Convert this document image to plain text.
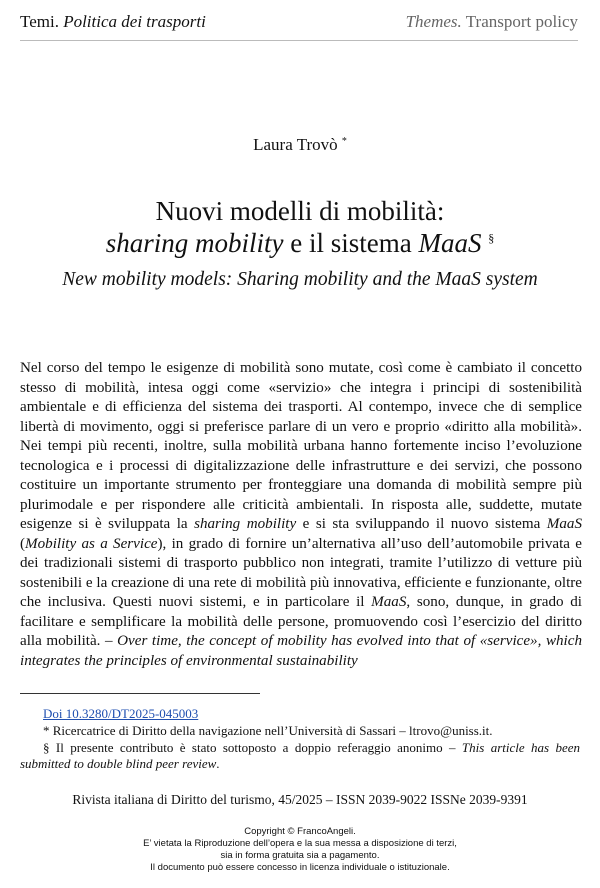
Temi. Politica dei trasporti	Themes. Transport policy
Laura Trovò *
Nuovi modelli di mobilità:
sharing mobility e il sistema MaaS §
New mobility models: Sharing mobility and the MaaS system
Nel corso del tempo le esigenze di mobilità sono mutate, così come è cambiato il concetto stesso di mobilità, intesa oggi come «servizio» che integra i principi di sostenibilità ambientale e di efficienza del sistema dei trasporti. Al contempo, invece che di semplice libertà di movimento, oggi si preferisce parlare di un vero e proprio «diritto alla mobilità». Nei tempi più recenti, inoltre, sulla mobilità urbana hanno fortemente inciso l’evoluzione tecnologica e i processi di digitalizzazione delle infrastrutture e dei servizi, che possono costituire un importante strumento per fronteggiare una domanda di mobilità sempre più plurimodale e per rispondere alle criticità ambientali. In risposta alle, suddette, mutate esigenze si è sviluppata la sharing mobility e si sta sviluppando il nuovo sistema MaaS (Mobility as a Service), in grado di fornire un’alternativa all’uso dell’automobile privata e dei tradizionali sistemi di trasporto pubblico non integrati, tramite l’utilizzo di vetture più sostenibili e la creazione di una rete di mobilità più innovativa, efficiente e funzionante, oltre che inclusiva. Questi nuovi sistemi, e in particolare il MaaS, sono, dunque, in grado di facilitare e semplificare la mobilità delle persone, promuovendo così l’esercizio del diritto alla mobilità. – Over time, the concept of mobility has evolved into that of «service», which integrates the principles of environmental sustainability
Doi 10.3280/DT2025-045003
* Ricercatrice di Diritto della navigazione nell’Università di Sassari – ltrovo@uniss.it.
§ Il presente contributo è stato sottoposto a doppio referaggio anonimo – This article has been submitted to double blind peer review.
Rivista italiana di Diritto del turismo, 45/2025 – ISSN 2039-9022 ISSNe 2039-9391
Copyright © FrancoAngeli.
E’ vietata la Riproduzione dell’opera e la sua messa a disposizione di terzi,
sia in forma gratuita sia a pagamento.
Il documento può essere concesso in licenza individuale o istituzionale.
